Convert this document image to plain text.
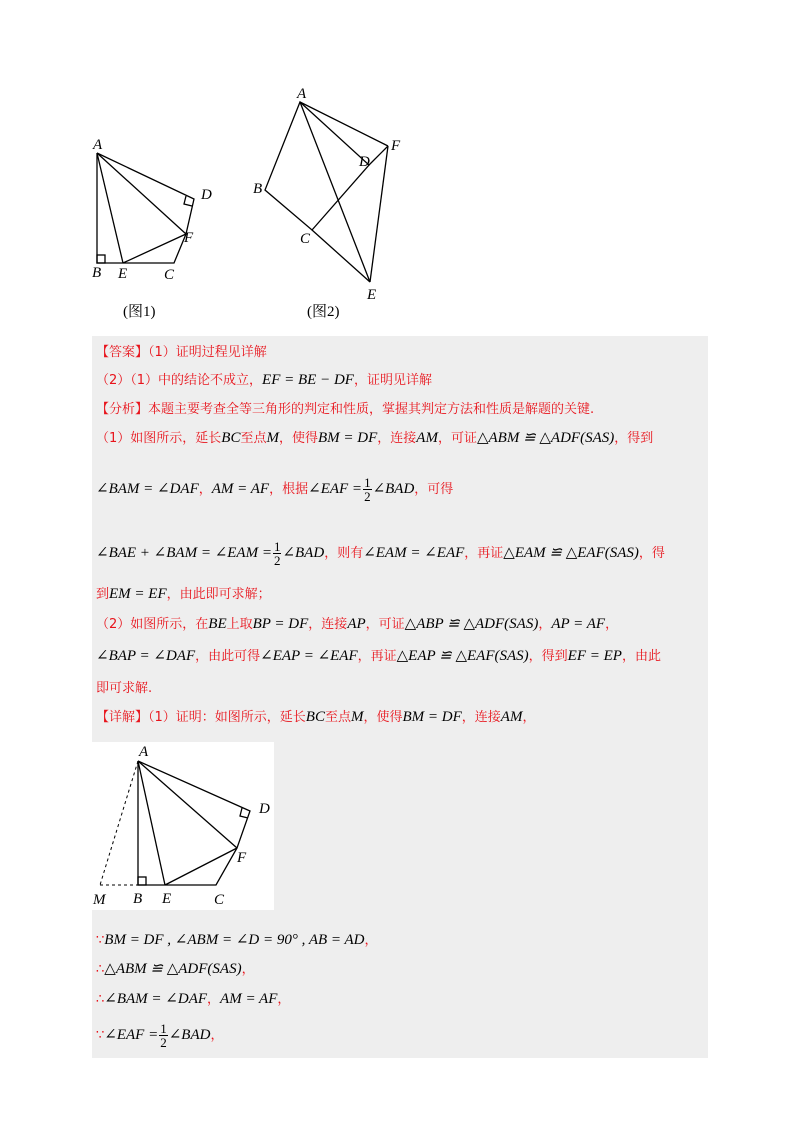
A
B	C
D
E
F
(图1)
A
B
C
D
E
F
(图2)
【答案】（1）证明过程见详解
（2）（1）中的结论不成立，EF = BE − DF，证明见详解
【分析】本题主要考查全等三角形的判定和性质，掌握其判定方法和性质是解题的关键.
（1）如图所示，延长BC至点M，使得BM = DF，连接AM，可证△ABM ≌ △ADF(SAS)，得到
∠BAM = ∠DAF，AM = AF，根据∠EAF = $\frac{1}{2}$ ∠BAD，可得
∠BAE + ∠BAM = ∠EAM = $\frac{1}{2}$ ∠BAD，则有∠EAM = ∠EAF，再证△EAM ≌ △EAF(SAS)，得
到EM = EF，由此即可求解；
（2）如图所示，在BE上取BP = DF，连接AP，可证△ABP ≌ △ADF(SAS)，AP = AF，
∠BAP = ∠DAF，由此可得∠EAP = ∠EAF，再证△EAP ≌ △EAF(SAS)，得到EF = EP，由此
即可求解.
【详解】（1）证明：如图所示，延长BC至点M，使得BM = DF，连接AM，
A
B	C
D
E
F
M
∵BM = DF , ∠ABM = ∠D = 90° , AB = AD，
∴△ABM ≌ △ADF(SAS)，
∴∠BAM = ∠DAF，AM = AF，
∵∠EAF = $\frac{1}{2}$ ∠BAD，
